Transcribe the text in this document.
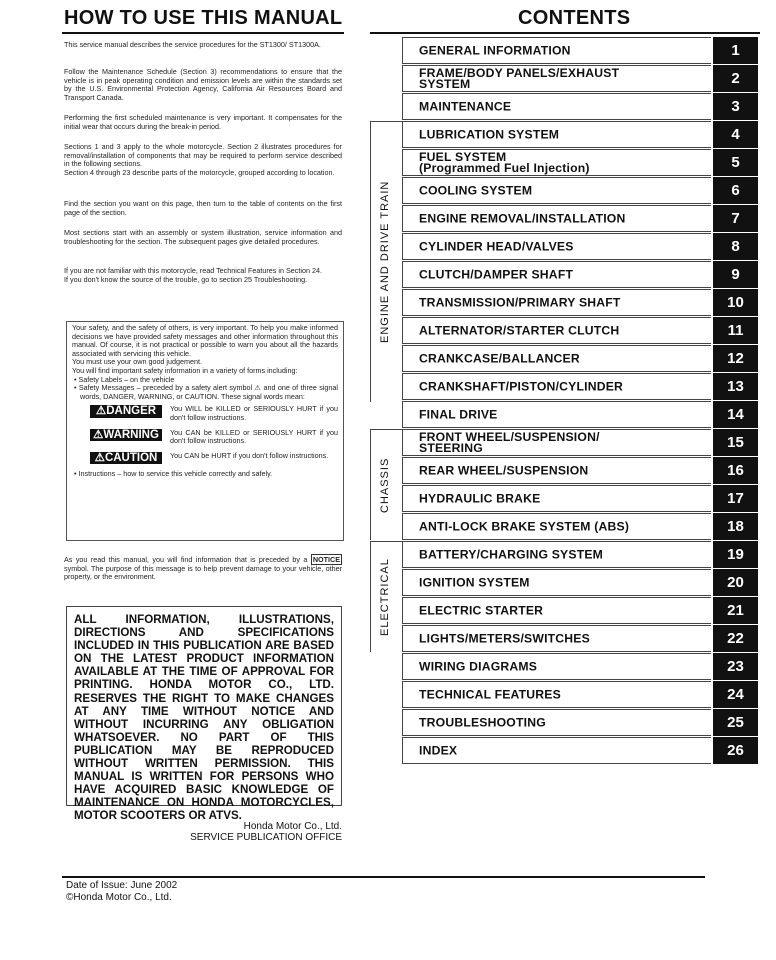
HOW TO USE THIS MANUAL	CONTENTS
This service manual describes the service procedures for the ST1300/ ST1300A.
Follow the Maintenance Schedule (Section 3) recommendations to ensure that the vehicle is in peak operating condition and emission levels are within the standards set by the U.S. Environmental Protection Agency, California Air Resources Board and Transport Canada.
Performing the first scheduled maintenance is very important. It compensates for the initial wear that occurs during the break-in period.
Sections 1 and 3 apply to the whole motorcycle. Section 2 illustrates procedures for removal/installation of components that may be required to perform service described in the following sections.
Section 4 through 23 describe parts of the motorcycle, grouped according to location.
Find the section you want on this page, then turn to the table of contents on the first page of the section.
Most sections start with an assembly or system illustration, service information and troubleshooting for the section. The subsequent pages give detailed procedures.
If you are not familiar with this motorcycle, read Technical Features in Section 24.
If you don't know the source of the trouble, go to section 25 Troubleshooting.

Your safety, and the safety of others, is very important. To help you make informed decisions we have provided safety messages and other information throughout this manual. Of course, it is not practical or possible to warn you about all the hazards associated with servicing this vehicle.

You must use your own good judgement.

You will find important safety information in a variety of forms including:

• Safety Labels – on the vehicle

• Safety Messages – preceded by a safety alert symbol ⚠ and one of three signal words, DANGER, WARNING, or CAUTION. These signal words mean:

⚠DANGER	You WILL be KILLED or SERIOUSLY HURT if you don't follow instructions.
⚠WARNING	You CAN be KILLED or SERIOUSLY HURT if you don't follow instructions.
⚠CAUTION	You CAN be HURT if you don't follow instructions.

• Instructions – how to service this vehicle correctly and safely.

As you read this manual, you will find information that is preceded by a NOTICE symbol. The purpose of this message is to help prevent damage to your vehicle, other property, or the environment.
ALL INFORMATION, ILLUSTRATIONS, DIRECTIONS AND SPECIFICATIONS INCLUDED IN THIS PUBLICATION ARE BASED ON THE LATEST PRODUCT INFORMATION AVAILABLE AT THE TIME OF APPROVAL FOR PRINTING. HONDA MOTOR CO., LTD. RESERVES THE RIGHT TO MAKE CHANGES AT ANY TIME WITHOUT NOTICE AND WITHOUT INCURRING ANY OBLIGATION WHATSOEVER. NO PART OF THIS PUBLICATION MAY BE REPRODUCED WITHOUT WRITTEN PERMISSION. THIS MANUAL IS WRITTEN FOR PERSONS WHO HAVE ACQUIRED BASIC KNOWLEDGE OF MAINTENANCE ON HONDA MOTORCYCLES, MOTOR SCOOTERS OR ATVS.
Honda Motor Co., Ltd.
SERVICE PUBLICATION OFFICE
Date of Issue: June 2002
©Honda Motor Co., Ltd.
ENGINE AND DRIVE TRAIN
CHASSIS
ELECTRICAL
GENERAL INFORMATION	1
FRAME/BODY PANELS/EXHAUST
SYSTEM	2
MAINTENANCE	3
LUBRICATION SYSTEM	4
FUEL SYSTEM
(Programmed Fuel Injection)	5
COOLING SYSTEM	6
ENGINE REMOVAL/INSTALLATION	7
CYLINDER HEAD/VALVES	8
CLUTCH/DAMPER SHAFT	9
TRANSMISSION/PRIMARY SHAFT	10
ALTERNATOR/STARTER CLUTCH	11
CRANKCASE/BALLANCER	12
CRANKSHAFT/PISTON/CYLINDER	13
FINAL DRIVE	14
FRONT WHEEL/SUSPENSION/
STEERING	15
REAR WHEEL/SUSPENSION	16
HYDRAULIC BRAKE	17
ANTI-LOCK BRAKE SYSTEM (ABS)	18
BATTERY/CHARGING SYSTEM	19
IGNITION SYSTEM	20
ELECTRIC STARTER	21
LIGHTS/METERS/SWITCHES	22
WIRING DIAGRAMS	23
TECHNICAL FEATURES	24
TROUBLESHOOTING	25
INDEX	26
